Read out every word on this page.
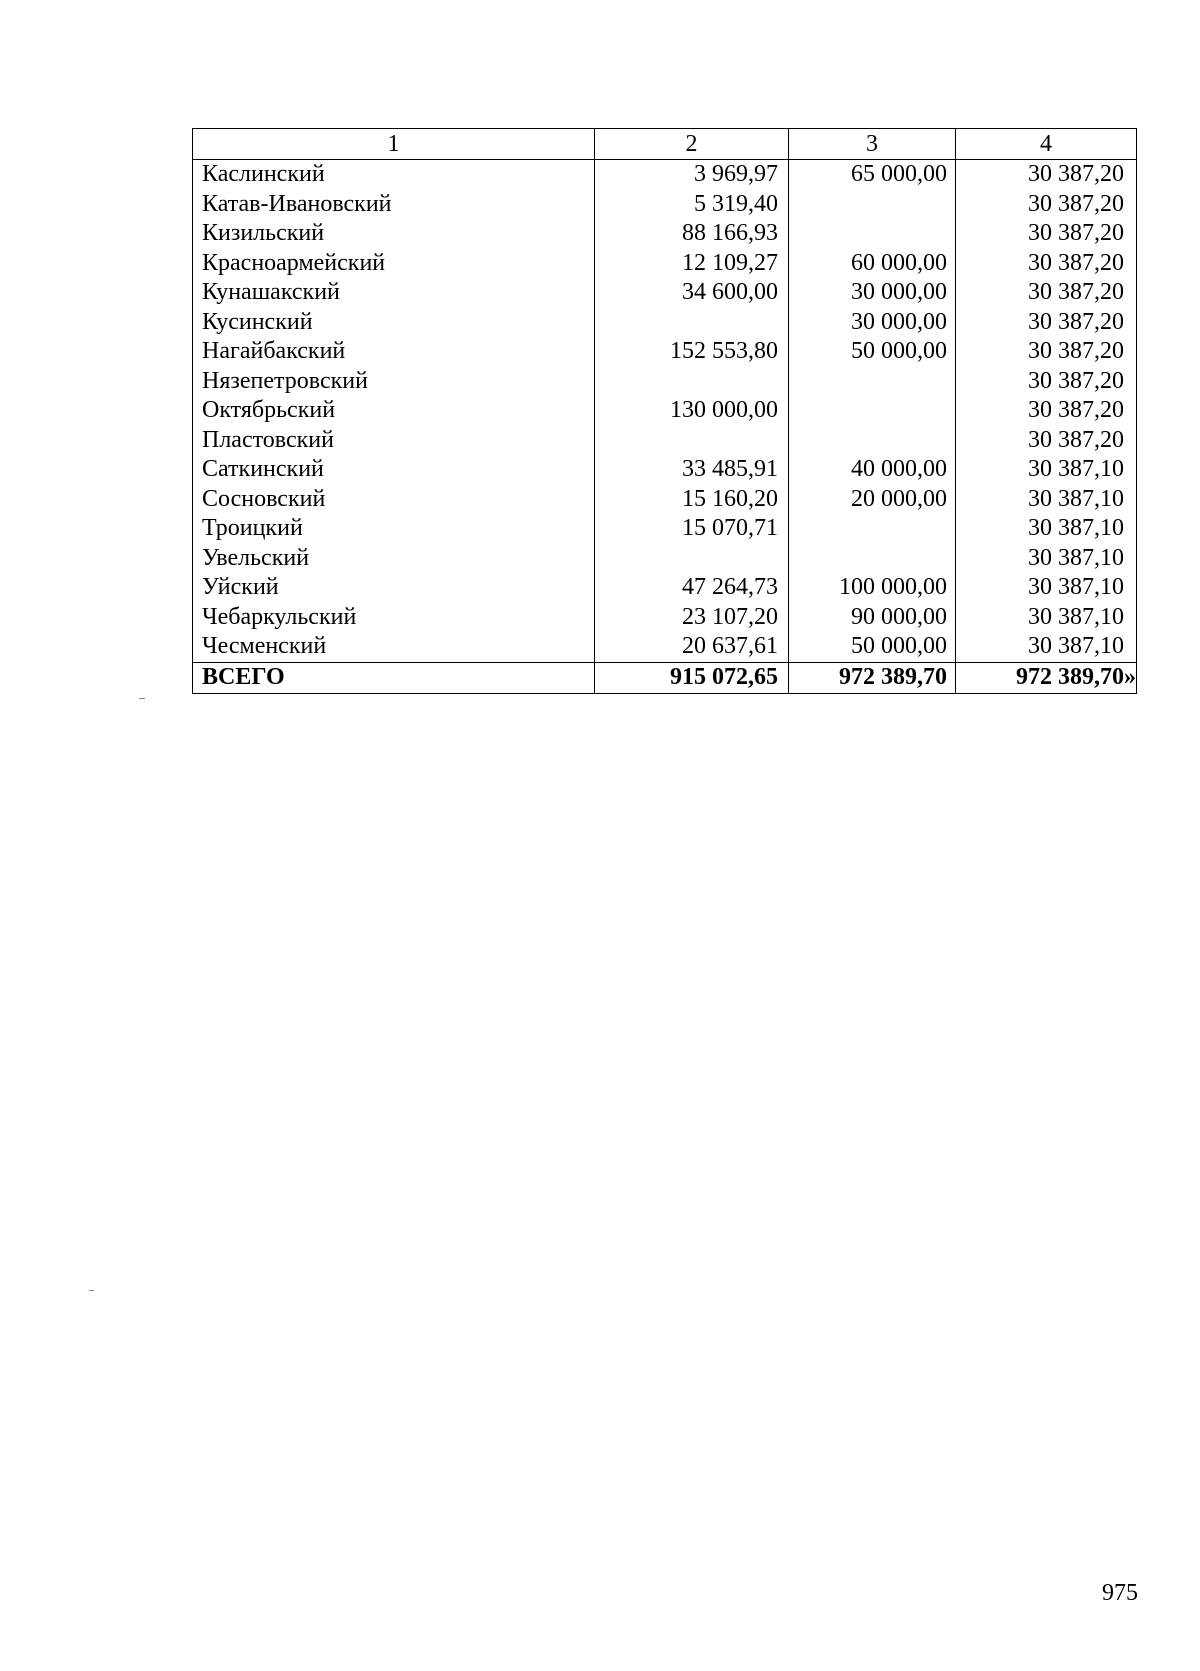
1	2	3	4
Каслинский	3 969,97	65 000,00	30 387,20
Катав-Ивановский	5 319,40		30 387,20
Кизильский	88 166,93		30 387,20
Красноармейский	12 109,27	60 000,00	30 387,20
Кунашакский	34 600,00	30 000,00	30 387,20
Кусинский		30 000,00	30 387,20
Нагайбакский	152 553,80	50 000,00	30 387,20
Нязепетровский			30 387,20
Октябрьский	130 000,00		30 387,20
Пластовский			30 387,20
Саткинский	33 485,91	40 000,00	30 387,10
Сосновский	15 160,20	20 000,00	30 387,10
Троицкий	15 070,71		30 387,10
Увельский			30 387,10
Уйский	47 264,73	100 000,00	30 387,10
Чебаркульский	23 107,20	90 000,00	30 387,10
Чесменский	20 637,61	50 000,00	30 387,10
ВСЕГО	915 072,65	972 389,70	972 389,70»
975
